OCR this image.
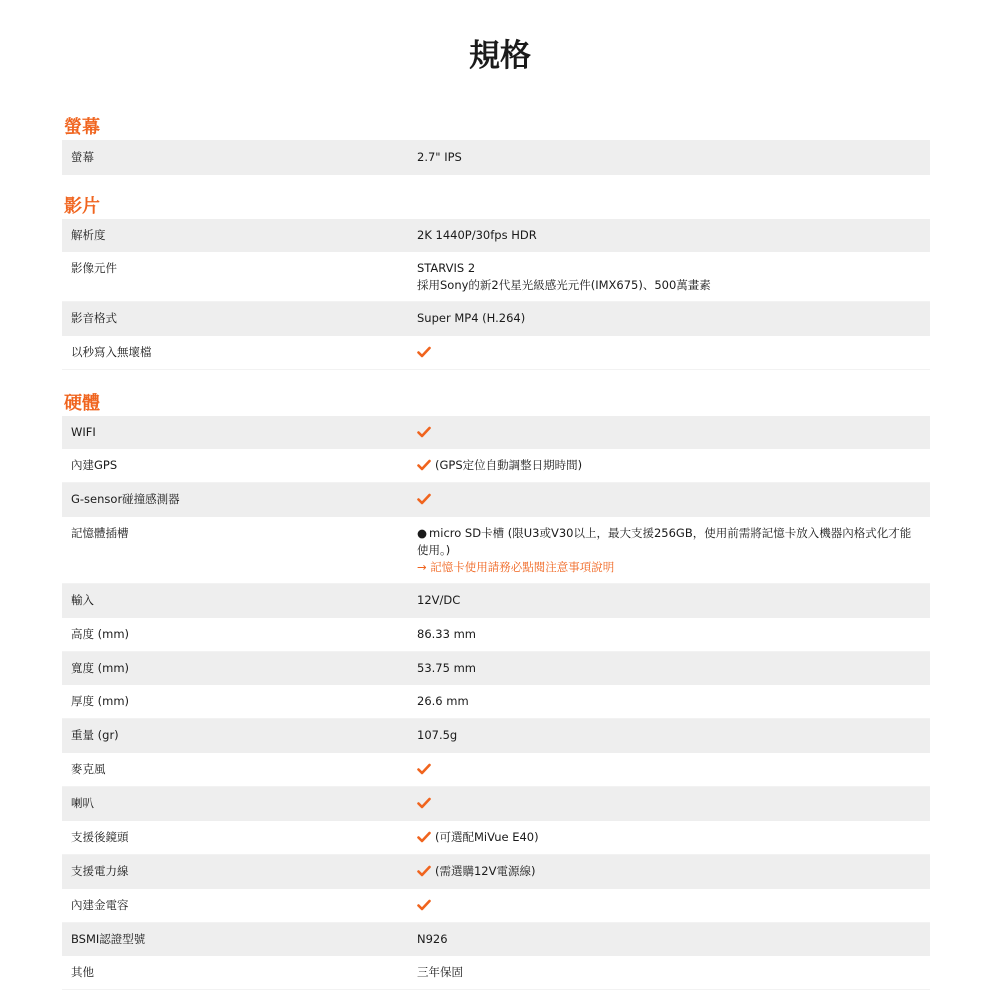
規格
螢幕
螢幕	2.7" IPS
影片
解析度	2K 1440P/30fps HDR
影像元件	STARVIS 2
採用Sony的新2代星光級感光元件(IMX675)、500萬畫素
影音格式	Super MP4 (H.264)
以秒寫入無壞檔
硬體
WIFI
內建GPS	(GPS定位自動調整日期時間)
G-sensor碰撞感測器
記憶體插槽	● micro SD卡槽 (限U3或V30以上，最大支援256GB，使用前需將記憶卡放入機器內格式化才能使用。)
→ 記憶卡使用請務必點閱注意事項說明
輸入	12V/DC
高度 (mm)	86.33 mm
寬度 (mm)	53.75 mm
厚度 (mm)	26.6 mm
重量 (gr)	107.5g
麥克風
喇叭
支援後鏡頭	(可選配MiVue E40)
支援電力線	(需選購12V電源線)
內建金電容
BSMI認證型號	N926
其他	三年保固
